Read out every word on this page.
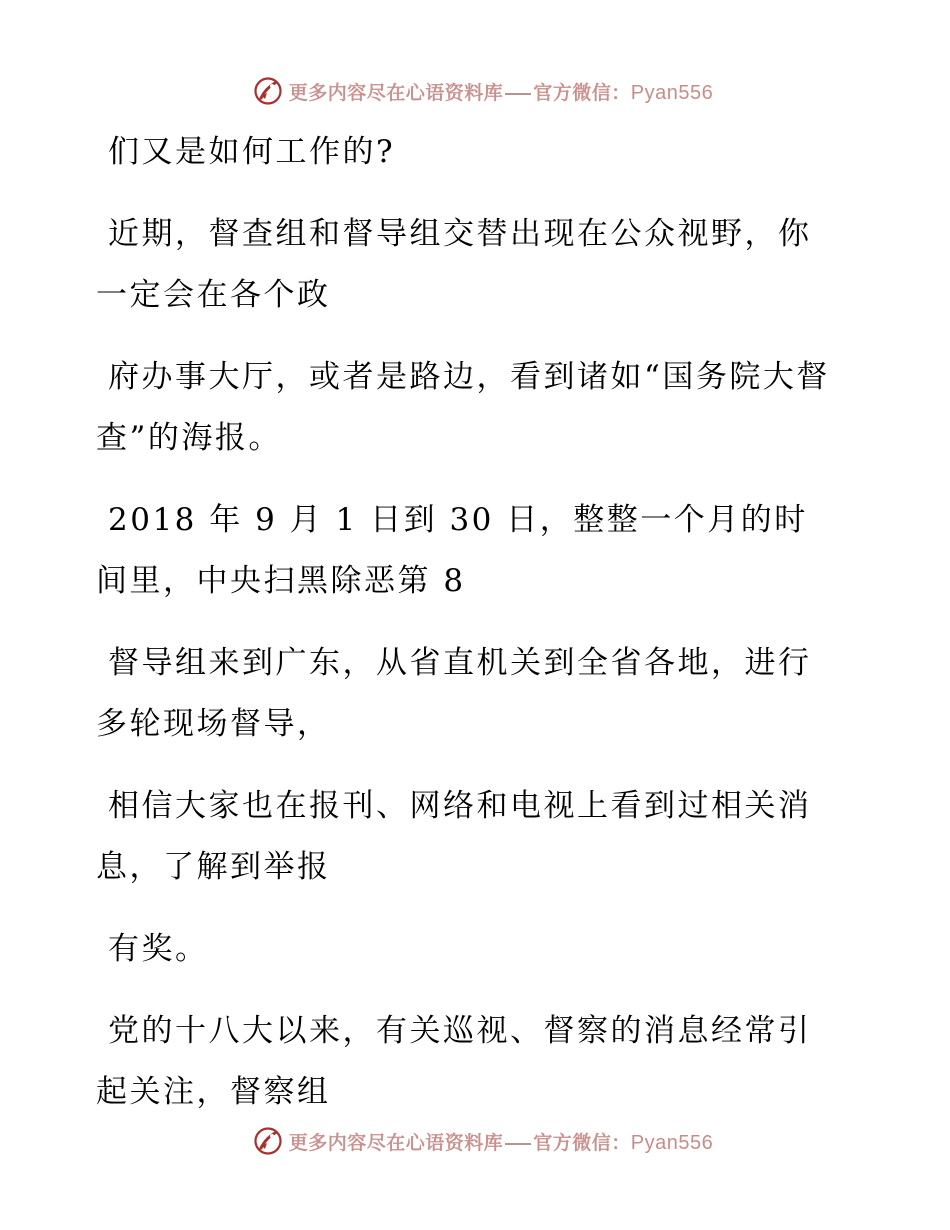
更多内容尽在心语资料库 官方微信：Pyan556

们又是如何工作的?

近期，督查组和督导组交替出现在公众视野，你一定会在各个政

府办事大厅，或者是路边，看到诸如“国务院大督查”的海报。

2018 年 9 月 1 日到 30 日，整整一个月的时间里，中央扫黑除恶第 8

督导组来到广东，从省直机关到全省各地，进行多轮现场督导，

相信大家也在报刊、网络和电视上看到过相关消息，了解到举报

有奖。

党的十八大以来，有关巡视、督察的消息经常引起关注，督察组

更多内容尽在心语资料库 官方微信：Pyan556
